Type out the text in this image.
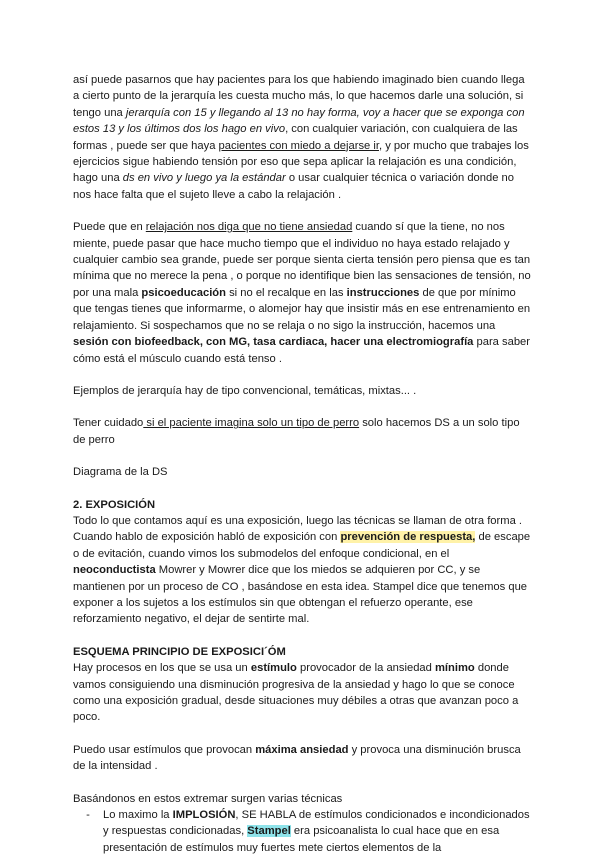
así puede pasarnos que hay pacientes para los que habiendo imaginado bien cuando llega a cierto punto de la jerarquía les cuesta mucho más, lo que hacemos darle una solución, si tengo una jerarquía con 15 y llegando al 13 no hay forma, voy a hacer que se exponga con estos 13 y los últimos dos los hago en vivo, con cualquier variación, con cualquiera de las formas , puede ser que haya pacientes con miedo a dejarse ir, y por mucho que trabajes los ejercicios sigue habiendo tensión por eso que sepa aplicar la relajación es una condición, hago una ds en vivo y luego ya la estándar o usar cualquier técnica o variación donde no nos hace falta que el sujeto lleve a cabo la relajación .

Puede que en relajación nos diga que no tiene ansiedad cuando sí que la tiene, no nos miente, puede pasar que hace mucho tiempo que el individuo no haya estado relajado y cualquier cambio sea grande, puede ser porque sienta cierta tensión pero piensa que es tan mínima que no merece la pena , o porque no identifique bien las sensaciones de tensión, no por una mala psicoeducación si no el recalque en las instrucciones de que por mínimo que tengas tienes que informarme, o alomejor hay que insistir más en ese entrenamiento en relajamiento. Si sospechamos que no se relaja o no sigo la instrucción, hacemos una sesión con biofeedback, con MG, tasa cardiaca, hacer una electromiografía para saber cómo está el músculo cuando está tenso .

Ejemplos de jerarquía hay de tipo convencional, temáticas, mixtas... .

Tener cuidado si el paciente imagina solo un tipo de perro solo hacemos DS a un solo tipo de perro

Diagrama de la DS

2. EXPOSICIÓN

Todo lo que contamos aquí es una exposición, luego las técnicas se llaman de otra forma . Cuando hablo de exposición habló de exposición con prevención de respuesta, de escape o de evitación, cuando vimos los submodelos del enfoque condicional, en el neoconductista Mowrer y Mowrer dice que los miedos se adquieren por CC, y se mantienen por un proceso de CO , basándose en esta idea. Stampel dice que tenemos que exponer a los sujetos a los estímulos sin que obtengan el refuerzo operante, ese reforzamiento negativo, el dejar de sentirte mal.

ESQUEMA PRINCIPIO DE EXPOSICI´ÓM

Hay procesos en los que se usa un estímulo provocador de la ansiedad mínimo donde vamos consiguiendo una disminución progresiva de la ansiedad y hago lo que se conoce como una exposición gradual, desde situaciones muy débiles a otras que avanzan poco a poco.

Puedo usar estímulos que provocan máxima ansiedad y provoca una disminución brusca de la intensidad .

Basándonos en estos extremar surgen varias técnicas

-	Lo maximo la IMPLOSIÓN, SE HABLA de estímulos condicionados e incondicionados y respuestas condicionadas, Stampel era psicoanalista lo cual hace que en esa presentación de estímulos muy fuertes mete ciertos elementos de la
